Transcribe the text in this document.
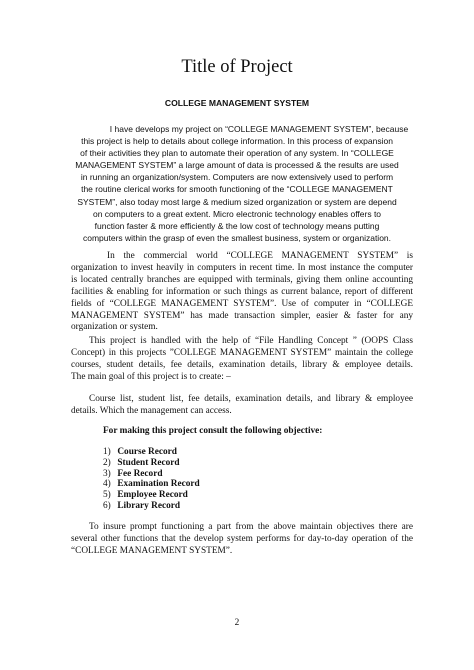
Title of Project
COLLEGE MANAGEMENT SYSTEM
I have develops my project on “COLLEGE MANAGEMENT SYSTEM”, because
this project is help to details about college information. In this process of expansion
of their activities they plan to automate their operation of any system. In “COLLEGE
MANAGEMENT SYSTEM” a large amount of data is processed & the results are used
in running an organization/system. Computers are now extensively used to perform
the routine clerical works for smooth functioning of the “COLLEGE MANAGEMENT
SYSTEM”, also today most large & medium sized organization or system are depend
on computers to a great extent. Micro electronic technology enables offers to
function faster & more efficiently & the low cost of technology means putting
computers within the grasp of even the smallest business, system or organization.
In the commercial world “COLLEGE MANAGEMENT SYSTEM” is
organization to invest heavily in computers in recent time. In most instance the computer
is located centrally branches are equipped with terminals, giving them online accounting
facilities & enabling for information or such things as current balance, report of different
fields of “COLLEGE MANAGEMENT SYSTEM”. Use of computer in “COLLEGE
MANAGEMENT SYSTEM” has made transaction simpler, easier & faster for any
organization or system.
This project is handled with the help of “File Handling Concept ” (OOPS Class
Concept) in this projects ”COLLEGE MANAGEMENT SYSTEM” maintain the college
courses, student details, fee details, examination details, library & employee details.
The main goal of this project is to create: –
Course list, student list, fee details, examination details, and library & employee
details. Which the management can access.
For making this project consult the following objective:
1) Course Record
2) Student Record
3) Fee Record
4) Examination Record
5) Employee Record
6) Library Record
To insure prompt functioning a part from the above maintain objectives there are
several other functions that the develop system performs for day-to-day operation of the
“COLLEGE MANAGEMENT SYSTEM”.
2
